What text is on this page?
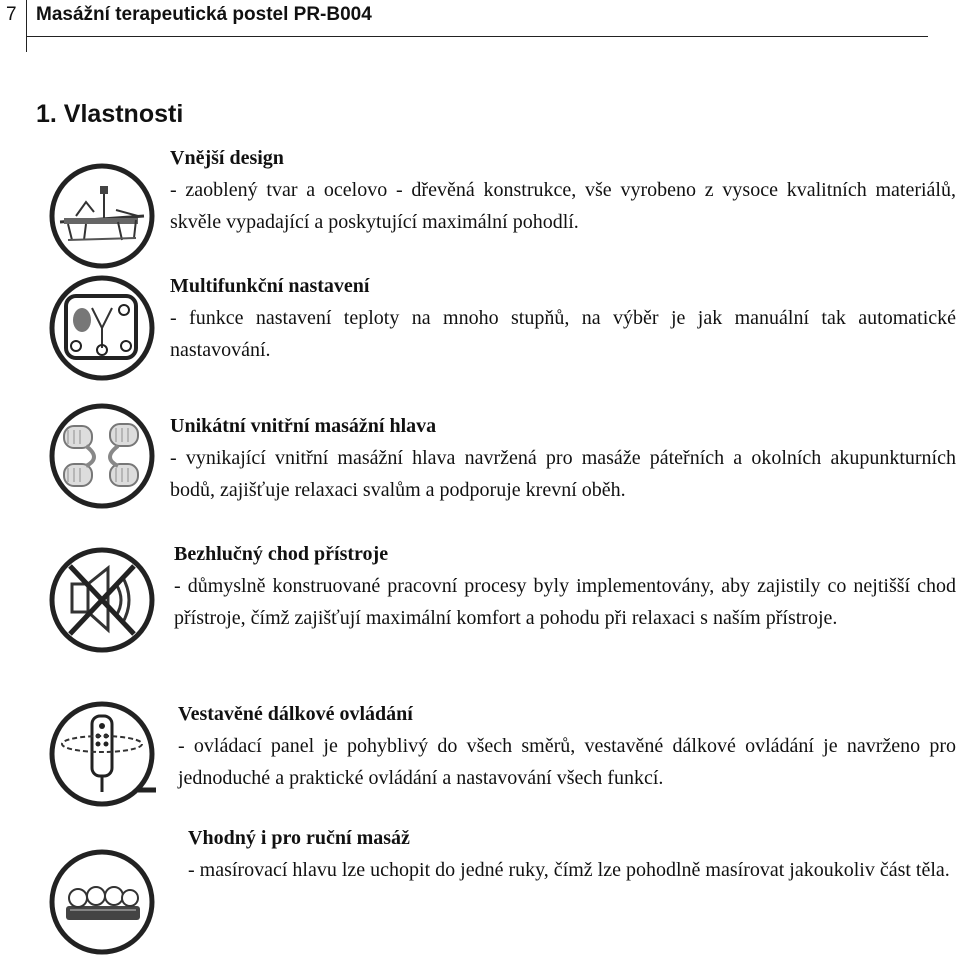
7 Masážní terapeutická postel PR-B004
1. Vlastnosti
Vnější design
- zaoblený tvar a ocelovo - dřevěná konstrukce, vše vyrobeno z vysoce kvalitních materiálů, skvěle vypadající a poskytující maximální pohodlí.
Multifunkční nastavení
- funkce nastavení teploty na mnoho stupňů, na výběr je jak manuální tak automatické nastavování.
Unikátní vnitřní masážní hlava
- vynikající vnitřní masážní hlava navržená pro masáže páteřních a okolních akupunkturních bodů, zajišťuje relaxaci svalům a podporuje krevní oběh.
Bezhlučný chod přístroje
- důmyslně konstruované pracovní procesy byly implementovány, aby zajistily co nejtišší chod přístroje, čímž zajišťují maximální komfort a pohodu při relaxaci s naším přístroje.
Vestavěné dálkové ovládání
- ovládací panel je pohyblivý do všech směrů, vestavěné dálkové ovládání je navrženo pro jednoduché a praktické ovládání a nastavování všech funkcí.
Vhodný i pro ruční masáž
- masírovací hlavu lze uchopit do jedné ruky, čímž lze pohodlně masírovat jakoukoliv část těla.
